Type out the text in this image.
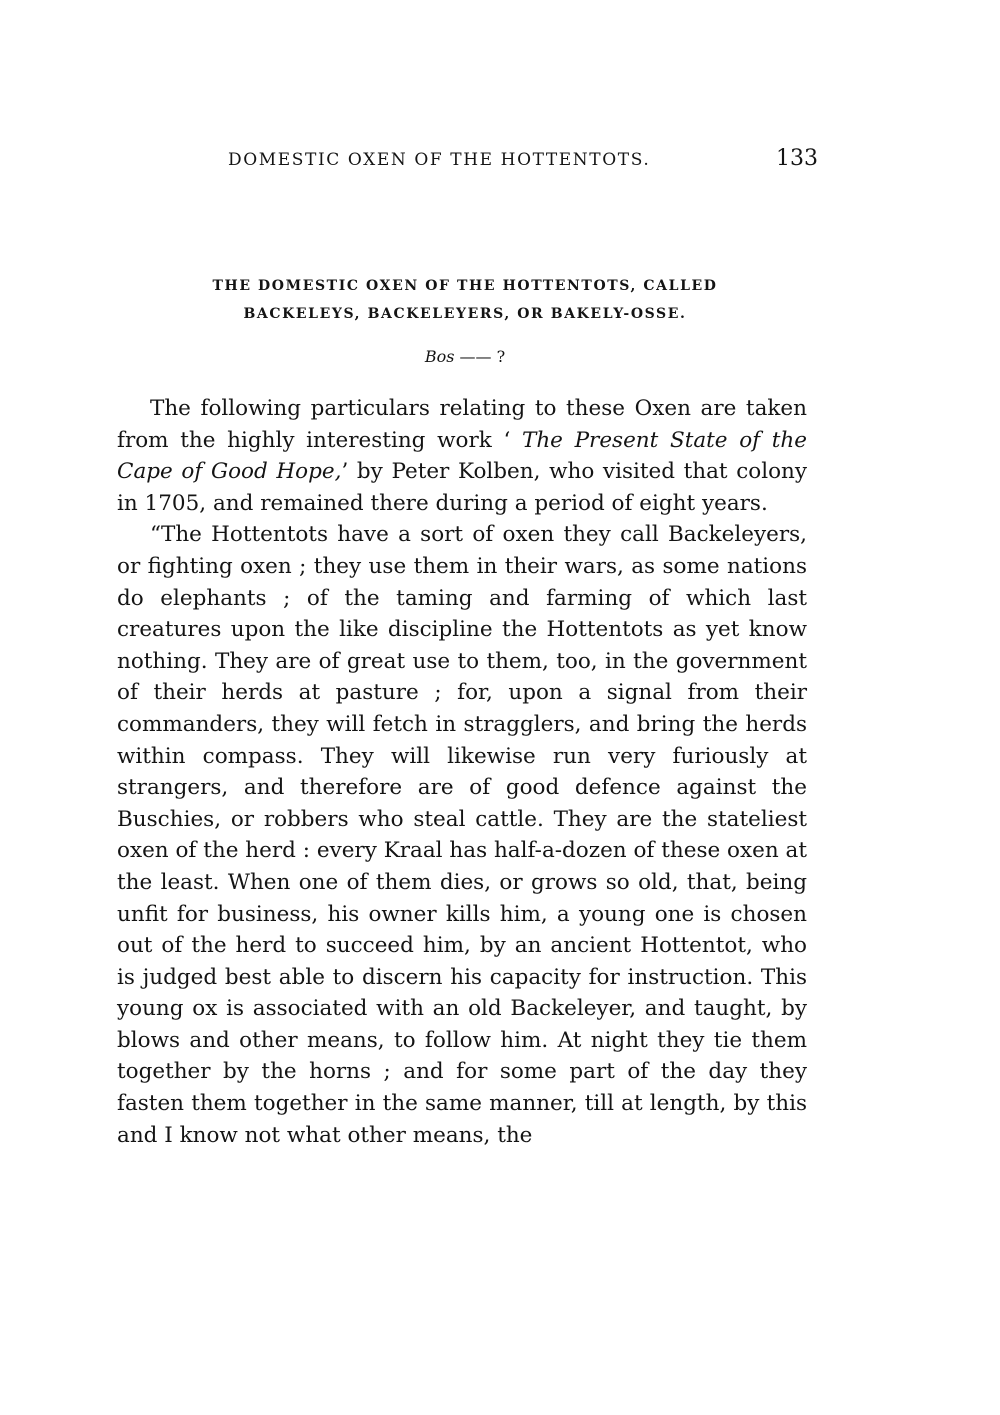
DOMESTIC OXEN OF THE HOTTENTOTS.	133
THE DOMESTIC OXEN OF THE HOTTENTOTS, CALLED
BACKELEYS, BACKELEYERS, OR BAKELY-OSSE.
Bos —— ?

The following particulars relating to these Oxen are taken from the highly interesting work ‘ The Present State of the Cape of Good Hope,’ by Peter Kolben, who visited that colony in 1705, and remained there during a period of eight years.

“The Hottentots have a sort of oxen they call Backeleyers, or fighting oxen ; they use them in their wars, as some nations do elephants ; of the taming and farming of which last creatures upon the like discipline the Hottentots as yet know nothing. They are of great use to them, too, in the government of their herds at pasture ; for, upon a signal from their commanders, they will fetch in stragglers, and bring the herds within compass. They will likewise run very furiously at strangers, and therefore are of good defence against the Buschies, or robbers who steal cattle. They are the stateliest oxen of the herd : every Kraal has half-a-dozen of these oxen at the least. When one of them dies, or grows so old, that, being unfit for business, his owner kills him, a young one is chosen out of the herd to succeed him, by an ancient Hottentot, who is judged best able to discern his capacity for instruction. This young ox is associated with an old Backeleyer, and taught, by blows and other means, to follow him. At night they tie them together by the horns ; and for some part of the day they fasten them together in the same manner, till at length, by this and I know not what other means, the
